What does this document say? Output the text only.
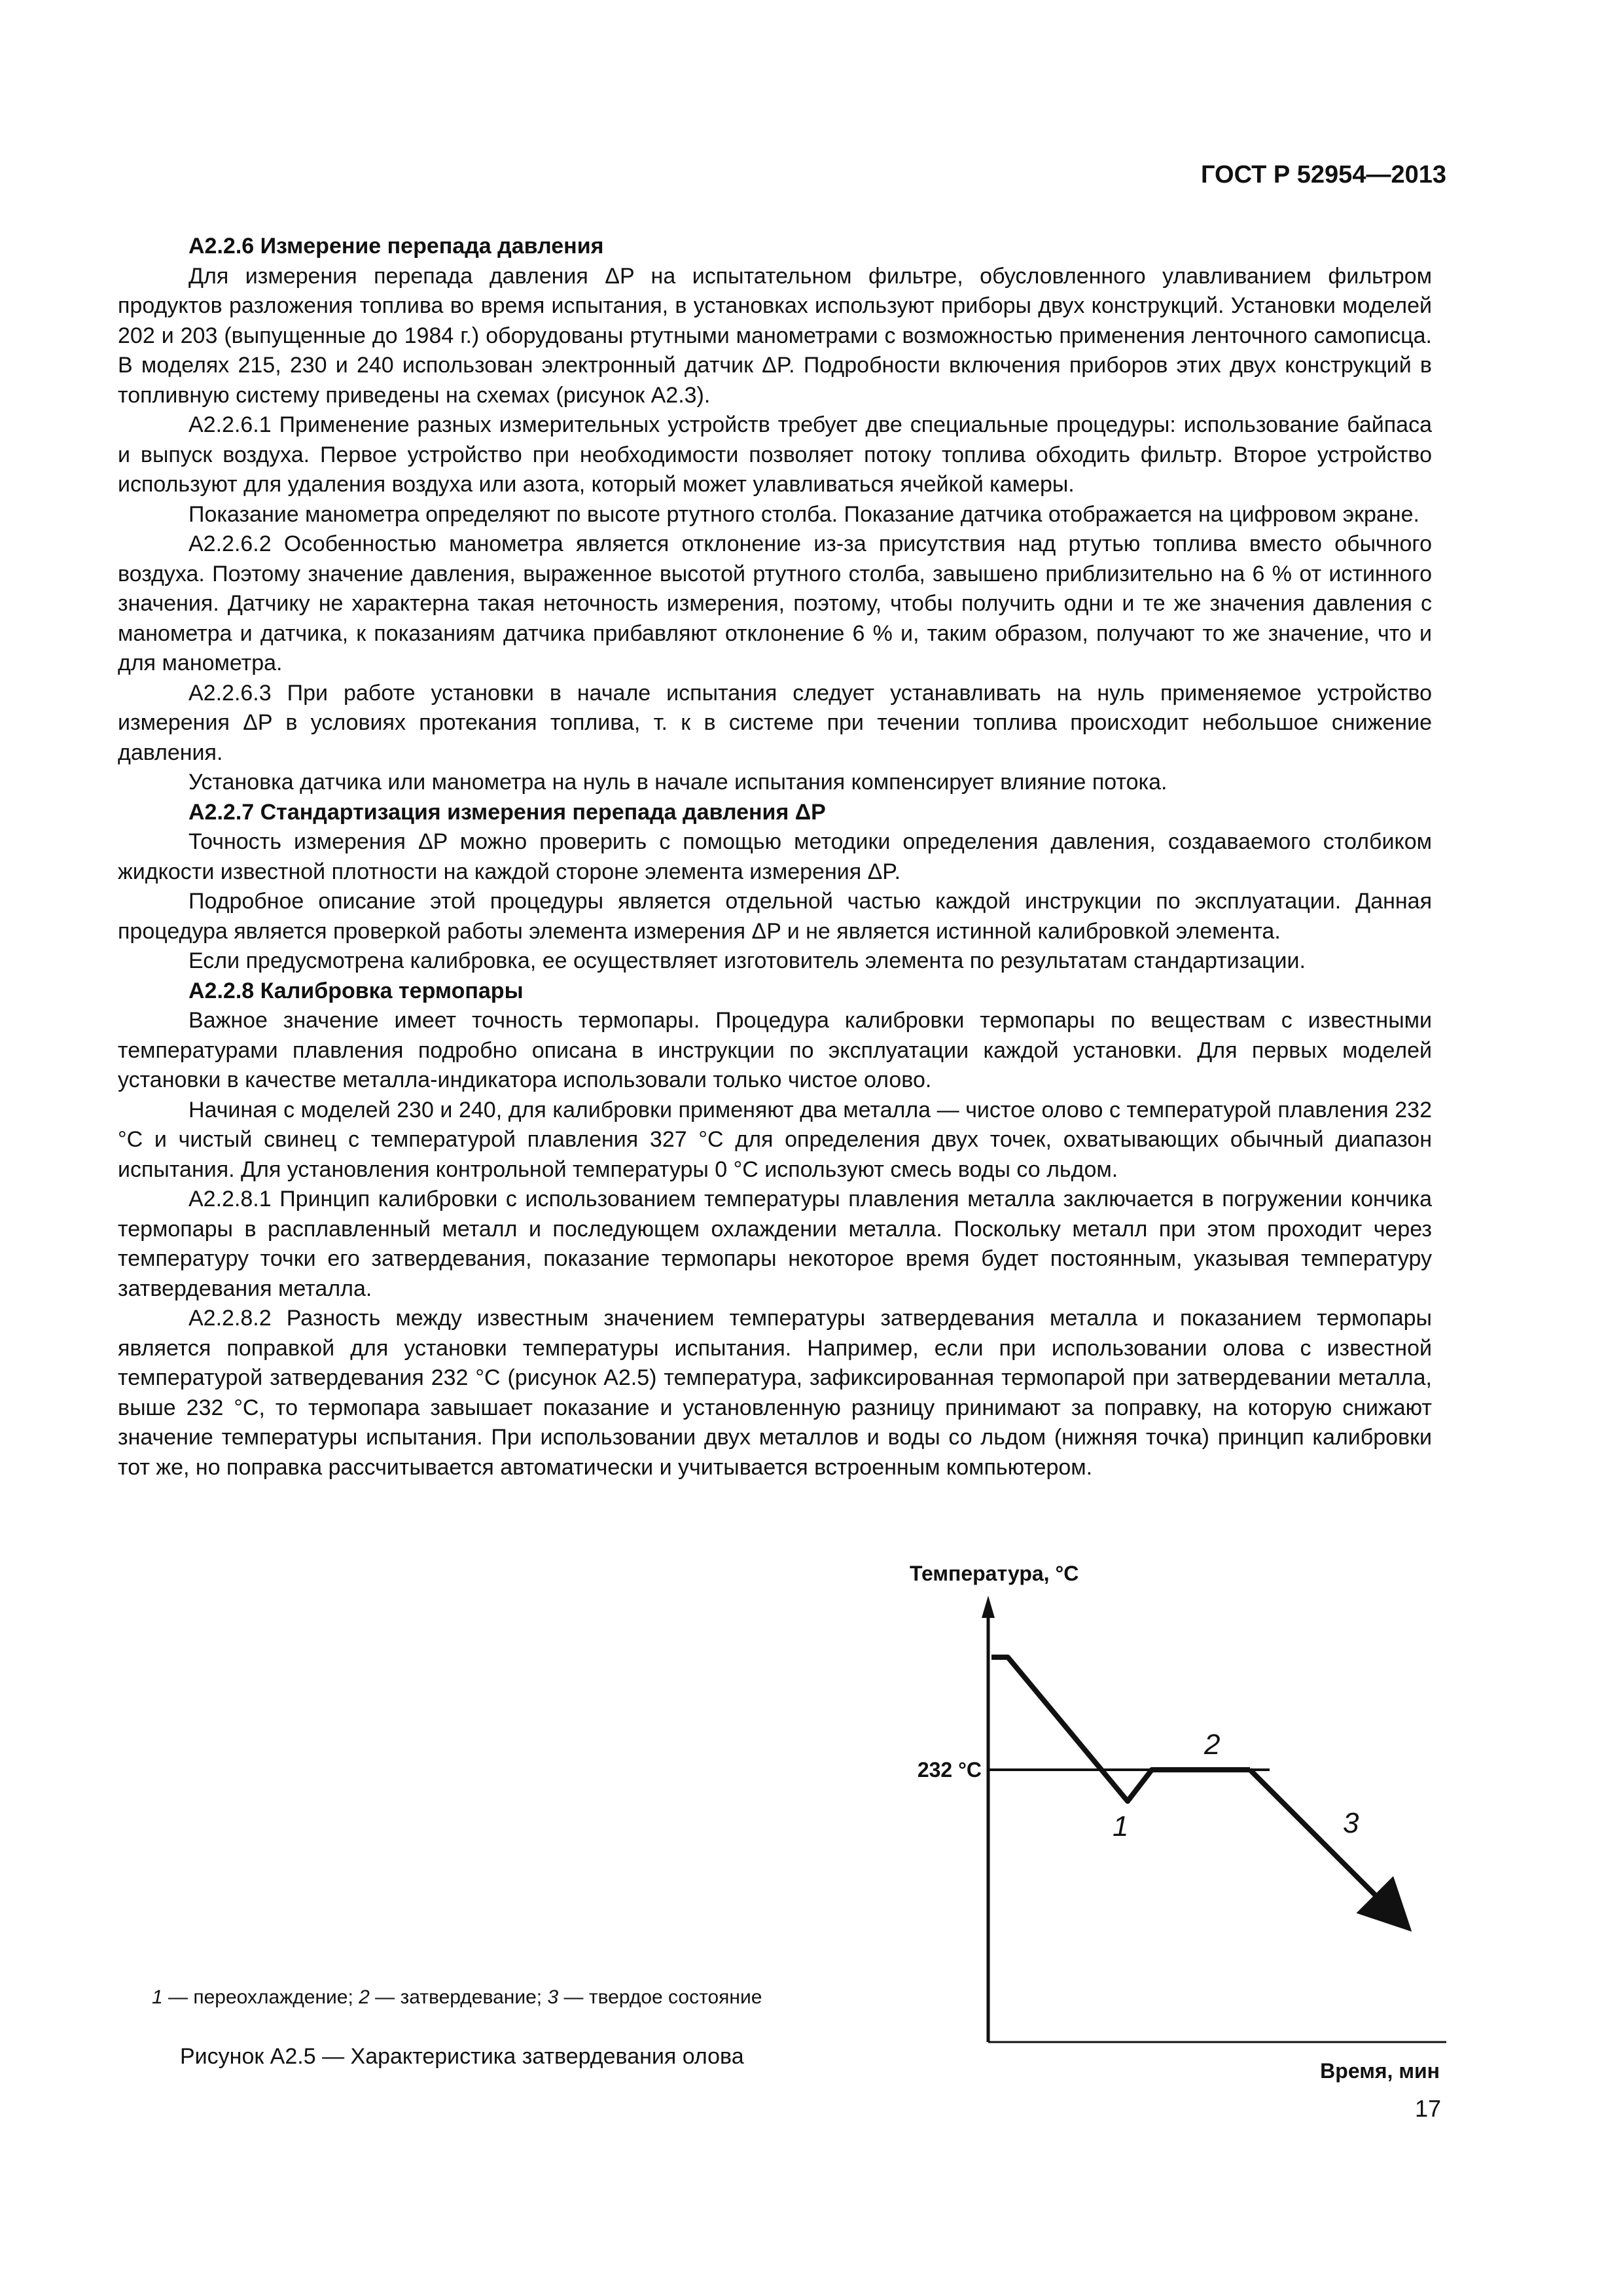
ГОСТ Р 52954—2013

А2.2.6 Измерение перепада давления

Для измерения перепада давления ΔP на испытательном фильтре, обусловленного улавливанием фильтром продуктов разложения топлива во время испытания, в установках используют приборы двух конструкций. Установки моделей 202 и 203 (выпущенные до 1984 г.) оборудованы ртутными манометрами с возможностью применения ленточного самописца. В моделях 215, 230 и 240 использован электронный датчик ΔP. Подробности включения приборов этих двух конструкций в топливную систему приведены на схемах (рисунок А2.3).

А2.2.6.1 Применение разных измерительных устройств требует две специальные процедуры: использование байпаса и выпуск воздуха. Первое устройство при необходимости позволяет потоку топлива обходить фильтр. Второе устройство используют для удаления воздуха или азота, который может улавливаться ячейкой камеры.

Показание манометра определяют по высоте ртутного столба. Показание датчика отображается на цифровом экране.

А2.2.6.2 Особенностью манометра является отклонение из-за присутствия над ртутью топлива вместо обычного воздуха. Поэтому значение давления, выраженное высотой ртутного столба, завышено приблизительно на 6 % от истинного значения. Датчику не характерна такая неточность измерения, поэтому, чтобы получить одни и те же значения давления с манометра и датчика, к показаниям датчика прибавляют отклонение 6 % и, таким образом, получают то же значение, что и для манометра.

А2.2.6.3 При работе установки в начале испытания следует устанавливать на нуль применяемое устройство измерения ΔP в условиях протекания топлива, т. к в системе при течении топлива происходит небольшое снижение давления.

Установка датчика или манометра на нуль в начале испытания компенсирует влияние потока.

А2.2.7 Стандартизация измерения перепада давления ΔP

Точность измерения ΔP можно проверить с помощью методики определения давления, создаваемого столбиком жидкости известной плотности на каждой стороне элемента измерения ΔP.

Подробное описание этой процедуры является отдельной частью каждой инструкции по эксплуатации. Данная процедура является проверкой работы элемента измерения ΔP и не является истинной калибровкой элемента.

Если предусмотрена калибровка, ее осуществляет изготовитель элемента по результатам стандартизации.

А2.2.8 Калибровка термопары

Важное значение имеет точность термопары. Процедура калибровки термопары по веществам с известными температурами плавления подробно описана в инструкции по эксплуатации каждой установки. Для первых моделей установки в качестве металла-индикатора использовали только чистое олово.

Начиная с моделей 230 и 240, для калибровки применяют два металла — чистое олово с температурой плавления 232 °С и чистый свинец с температурой плавления 327 °С для определения двух точек, охватывающих обычный диапазон испытания. Для установления контрольной температуры 0 °С используют смесь воды со льдом.

А2.2.8.1 Принцип калибровки с использованием температуры плавления металла заключается в погружении кончика термопары в расплавленный металл и последующем охлаждении металла. Поскольку металл при этом проходит через температуру точки его затвердевания, показание термопары некоторое время будет постоянным, указывая температуру затвердевания металла.

А2.2.8.2 Разность между известным значением температуры затвердевания металла и показанием термопары является поправкой для установки температуры испытания. Например, если при использовании олова с известной температурой затвердевания 232 °С (рисунок А2.5) температура, зафиксированная термопарой при затвердевании металла, выше 232 °С, то термопара завышает показание и установленную разницу принимают за поправку, на которую снижают значение температуры испытания. При использовании двух металлов и воды со льдом (нижняя точка) принцип калибровки тот же, но поправка рассчитывается автоматически и учитывается встроенным компьютером.

Температура, °С
Время, мин
232 °С
1
2
3
1 — переохлаждение; 2 — затвердевание; 3 — твердое состояние
Рисунок А2.5 — Характеристика затвердевания олова
17
